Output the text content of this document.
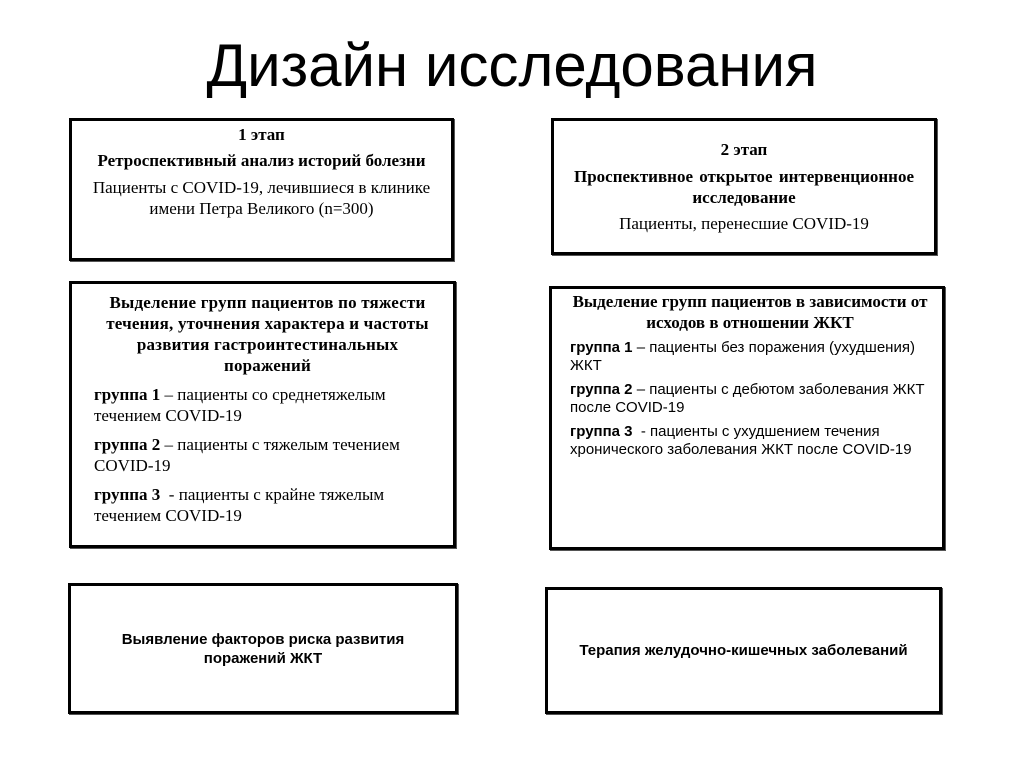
Дизайн исследования

1 этап

Ретроспективный анализ историй болезни

Пациенты с COVID-19, лечившиеся в клинике имени Петра Великого (n=300)

2 этап

Проспективное открытое интервенционное исследование

Пациенты, перенесшие COVID-19

Выделение групп пациентов по тяжести течения, уточнения характера и частоты развития гастроинтестинальных поражений

группа 1 – пациенты со среднетяжелым течением COVID-19

группа 2 – пациенты с тяжелым течением COVID-19

группа 3  - пациенты с крайне тяжелым течением COVID-19

Выделение групп пациентов в зависимости от исходов в отношении ЖКТ

группа 1 – пациенты без поражения (ухудшения) ЖКТ

группа 2 – пациенты с дебютом заболевания ЖКТ после COVID-19

группа 3  - пациенты с ухудшением течения хронического заболевания ЖКТ после COVID-19

Выявление факторов риска развития поражений ЖКТ	Терапия желудочно-кишечных заболеваний
